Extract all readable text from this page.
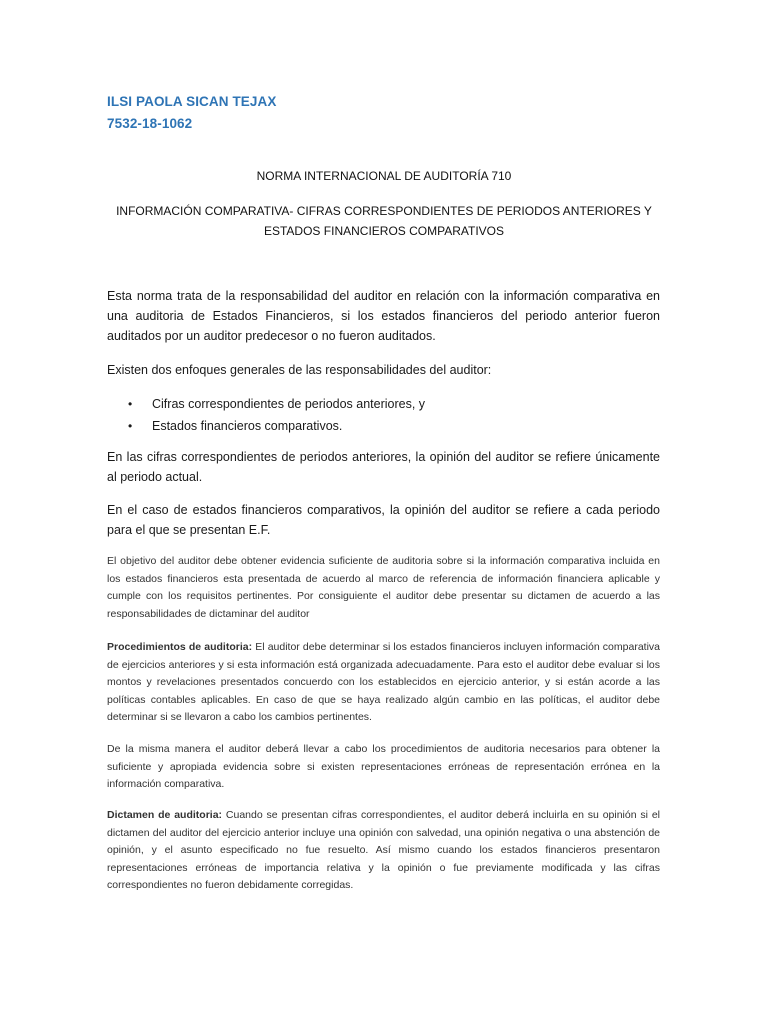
ILSI PAOLA SICAN TEJAX
7532-18-1062
NORMA INTERNACIONAL DE AUDITORÍA 710
INFORMACIÓN COMPARATIVA- CIFRAS CORRESPONDIENTES DE PERIODOS ANTERIORES Y
ESTADOS FINANCIEROS COMPARATIVOS
Esta norma trata de la responsabilidad del auditor en relación con la información comparativa en una auditoria de Estados Financieros, si los estados financieros del periodo anterior fueron auditados por un auditor predecesor o no fueron auditados.
Existen dos enfoques generales de las responsabilidades del auditor:
•	Cifras correspondientes de periodos anteriores, y
•	Estados financieros comparativos.
En las cifras correspondientes de periodos anteriores, la opinión del auditor se refiere únicamente al periodo actual.
En el caso de estados financieros comparativos, la opinión del auditor se refiere a cada periodo para el que se presentan E.F.
El objetivo del auditor debe obtener evidencia suficiente de auditoria sobre si la información comparativa incluida en los estados financieros esta presentada de acuerdo al marco de referencia de información financiera aplicable y cumple con los requisitos pertinentes. Por consiguiente el auditor debe presentar su dictamen de acuerdo a las responsabilidades de dictaminar del auditor
Procedimientos de auditoria: El auditor debe determinar si los estados financieros incluyen información comparativa de ejercicios anteriores y si esta información está organizada adecuadamente. Para esto el auditor debe evaluar si los montos y revelaciones presentados concuerdo con los establecidos en ejercicio anterior, y si están acorde a las políticas contables aplicables. En caso de que se haya realizado algún cambio en las políticas, el auditor debe determinar si se llevaron a cabo los cambios pertinentes.
De la misma manera el auditor deberá llevar a cabo los procedimientos de auditoria necesarios para obtener la suficiente y apropiada evidencia sobre si existen representaciones erróneas de representación errónea en la información comparativa.
Dictamen de auditoria: Cuando se presentan cifras correspondientes, el auditor deberá incluirla en su opinión si el dictamen del auditor del ejercicio anterior incluye una opinión con salvedad, una opinión negativa o una abstención de opinión, y el asunto especificado no fue resuelto. Así mismo cuando los estados financieros presentaron representaciones erróneas de importancia relativa y la opinión o fue previamente modificada y las cifras correspondientes no fueron debidamente corregidas.
